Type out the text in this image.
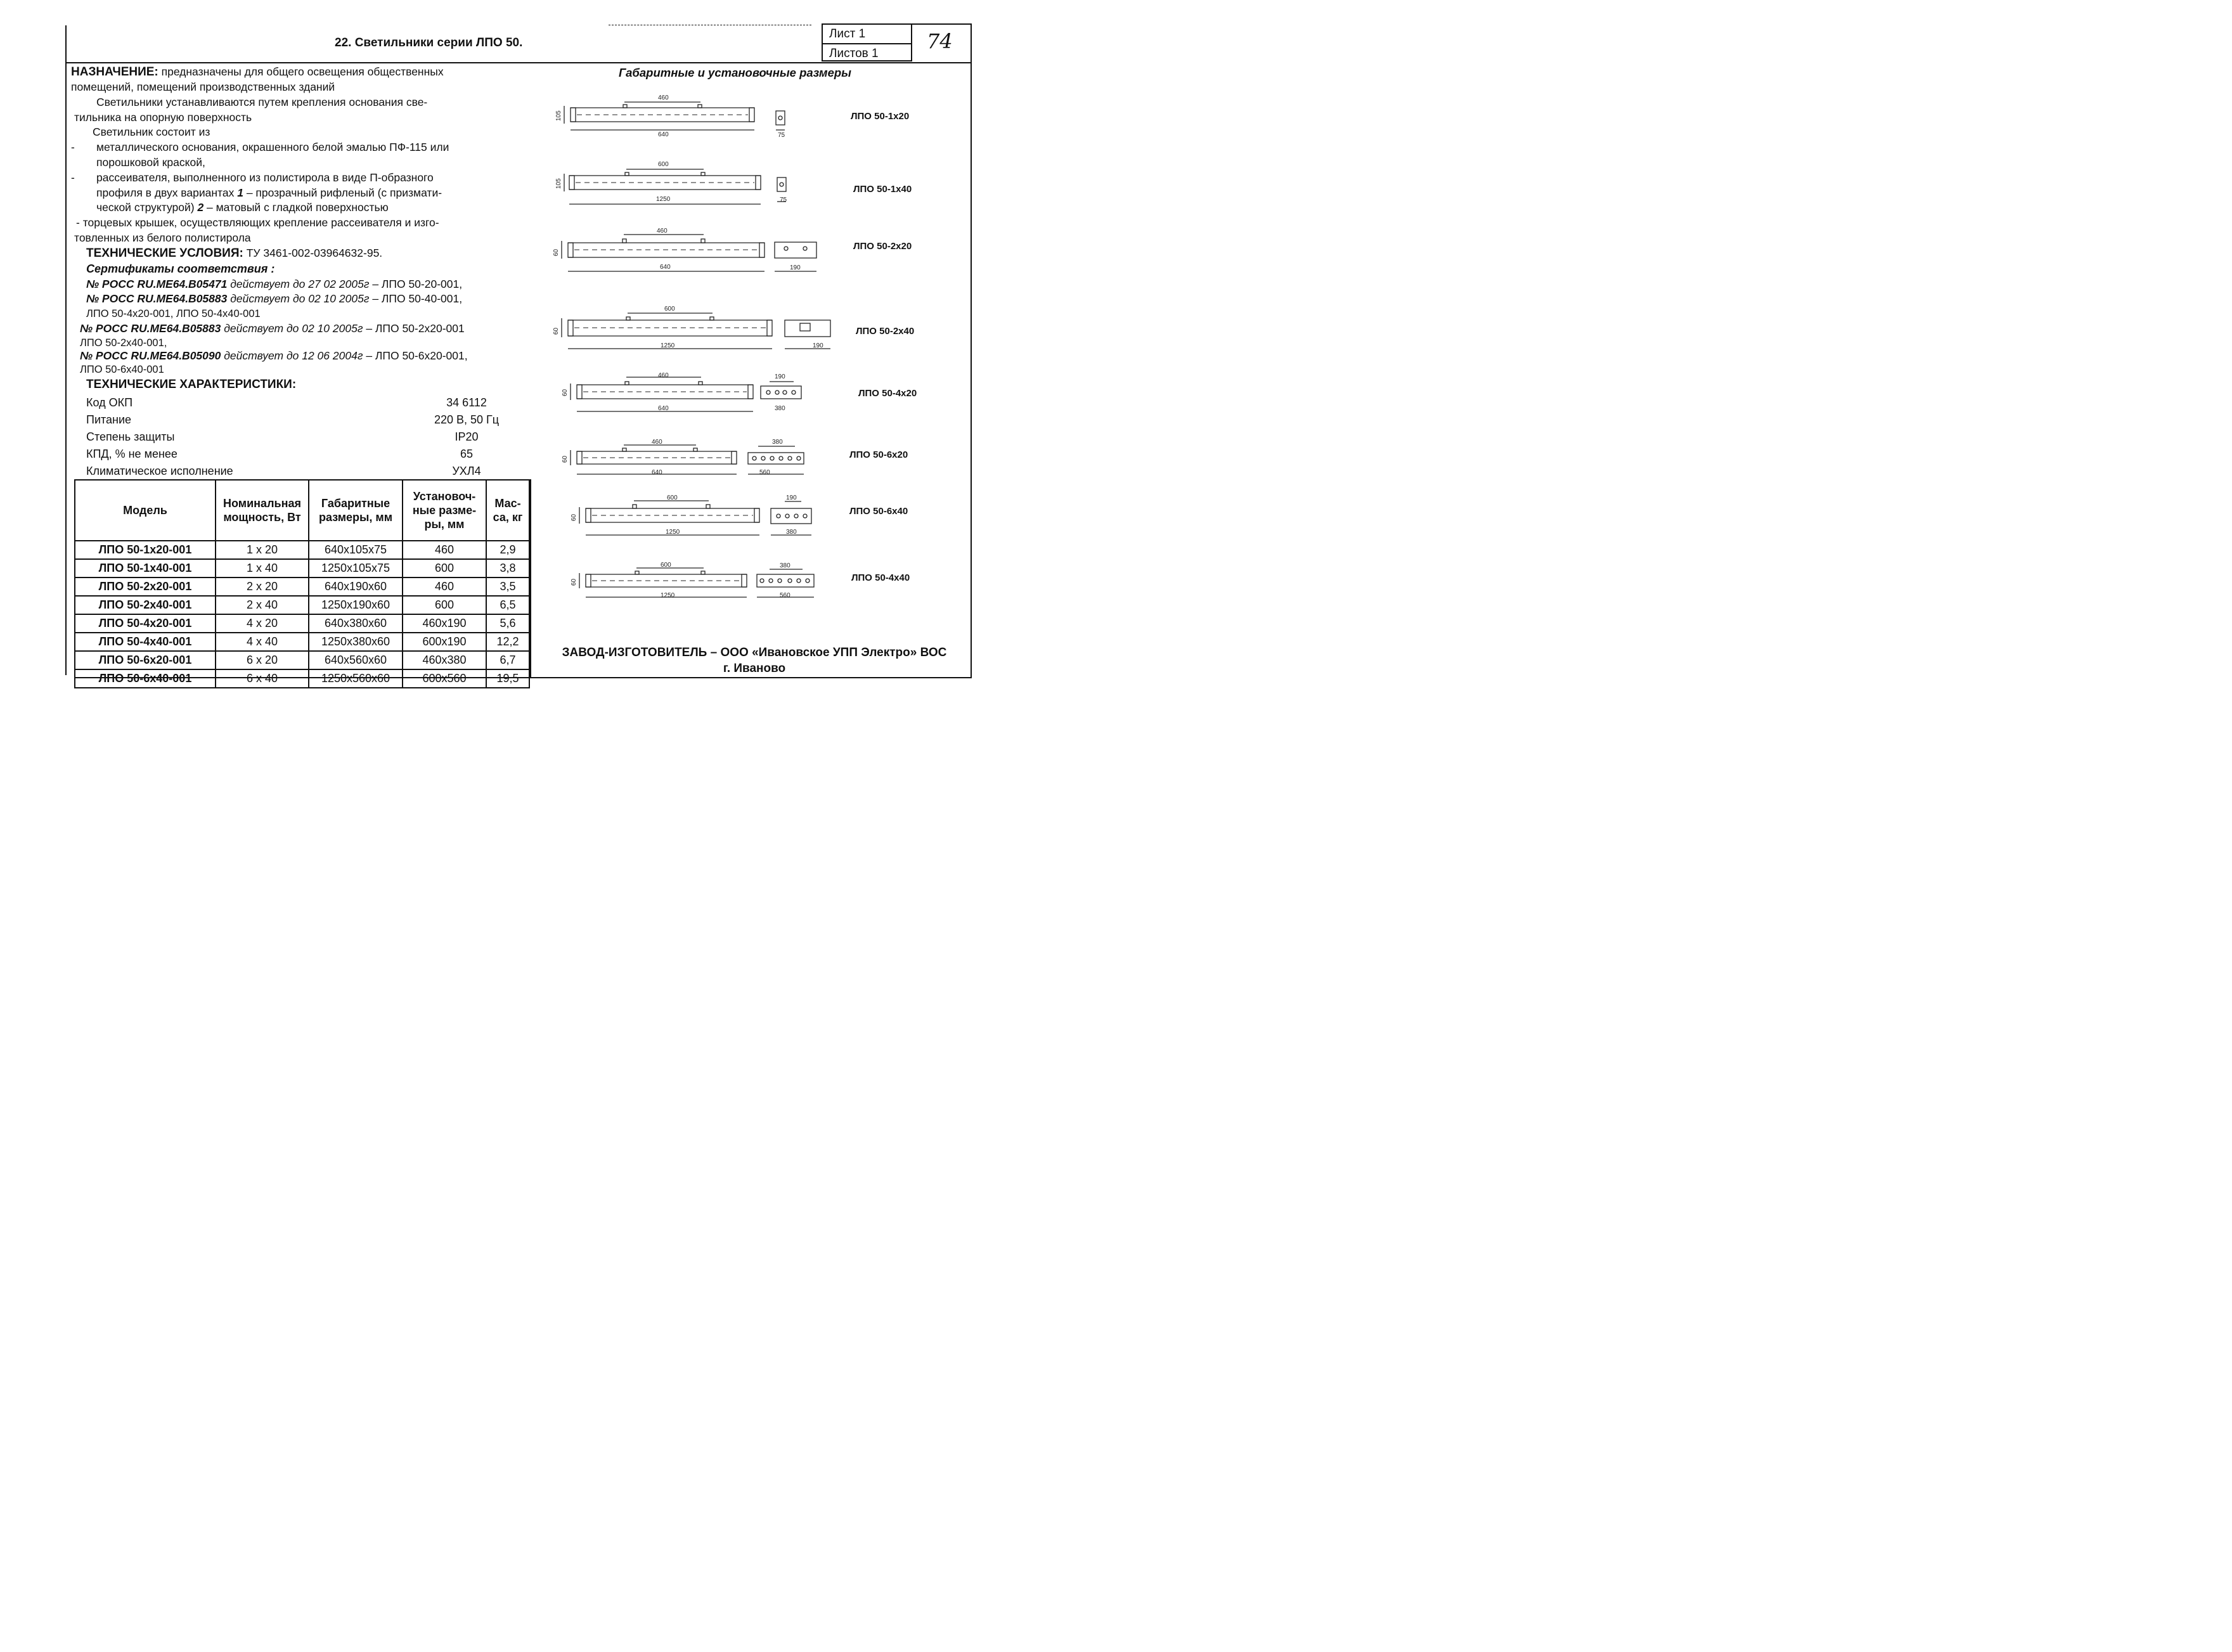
22. Светильники серии ЛПО 50.
Лист 1
Листов 1
74
НАЗНАЧЕНИЕ: предназначены для общего освещения общественных
помещений, помещений производственных зданий
Светильники устанавливаются путем крепления основания све-
тильника на опорную поверхность
Светильник состоит из
- металлического основания, окрашенного белой эмалью ПФ-115 или
порошковой краской,
- рассеивателя, выполненного из полистирола в виде П-образного
профиля в двух вариантах 1 – прозрачный рифленый (с призмати-
ческой структурой) 2 – матовый с гладкой поверхностью
- торцевых крышек, осуществляющих крепление рассеивателя и изго-
товленных из белого полистирола
ТЕХНИЧЕСКИЕ УСЛОВИЯ: ТУ 3461-002-03964632-95.
Сертификаты соответствия :
№ РОСС RU.МЕ64.В05471 действует до 27 02 2005г – ЛПО 50-20-001,
№ РОСС RU.МЕ64.В05883 действует до 02 10 2005г – ЛПО 50-40-001,
ЛПО 50-4х20-001, ЛПО 50-4х40-001
№ РОСС RU.МЕ64.В05883 действует до 02 10 2005г – ЛПО 50-2х20-001
ЛПО 50-2х40-001,
№ РОСС RU.МЕ64.В05090 действует до 12 06 2004г – ЛПО 50-6х20-001,
ЛПО 50-6х40-001
ТЕХНИЧЕСКИЕ ХАРАКТЕРИСТИКИ:
Код ОКП	34 6112
Питание	220 В, 50 Гц
Степень защиты	IP20
КПД, % не менее	65
Климатическое исполнение	УХЛ4
Модель	Номинальная мощность, Вт	Габаритные размеры, мм	Установоч-ные разме-ры, мм	Мас-са, кг
ЛПО 50-1х20-001	1 х 20	640х105х75	460	2,9
ЛПО 50-1х40-001	1 х 40	1250х105х75	600	3,8
ЛПО 50-2х20-001	2 х 20	640х190х60	460	3,5
ЛПО 50-2х40-001	2 х 40	1250х190х60	600	6,5
ЛПО 50-4х20-001	4 х 20	640х380х60	460х190	5,6
ЛПО 50-4х40-001	4 х 40	1250х380х60	600х190	12,2
ЛПО 50-6х20-001	6 х 20	640х560х60	460х380	6,7
ЛПО 50-6х40-001	6 х 40	1250х560х60	600х560	19,5
Габаритные и установочные размеры
460
640
105
75
ЛПО 50-1х20
600
1250
105
75
ЛПО 50-1х40
460
640
60
190
ЛПО 50-2х20
600
1250
60
190
ЛПО 50-2х40
460
640
60
190
380
ЛПО 50-4х20
460
640
60
380
560
ЛПО 50-6х20
600
1250
60
190
380
ЛПО 50-6х40
600
1250
60
380
560
ЛПО 50-4х40
ЗАВОД-ИЗГОТОВИТЕЛЬ – ООО «Ивановское УПП Электро» ВОС
г. Иваново
